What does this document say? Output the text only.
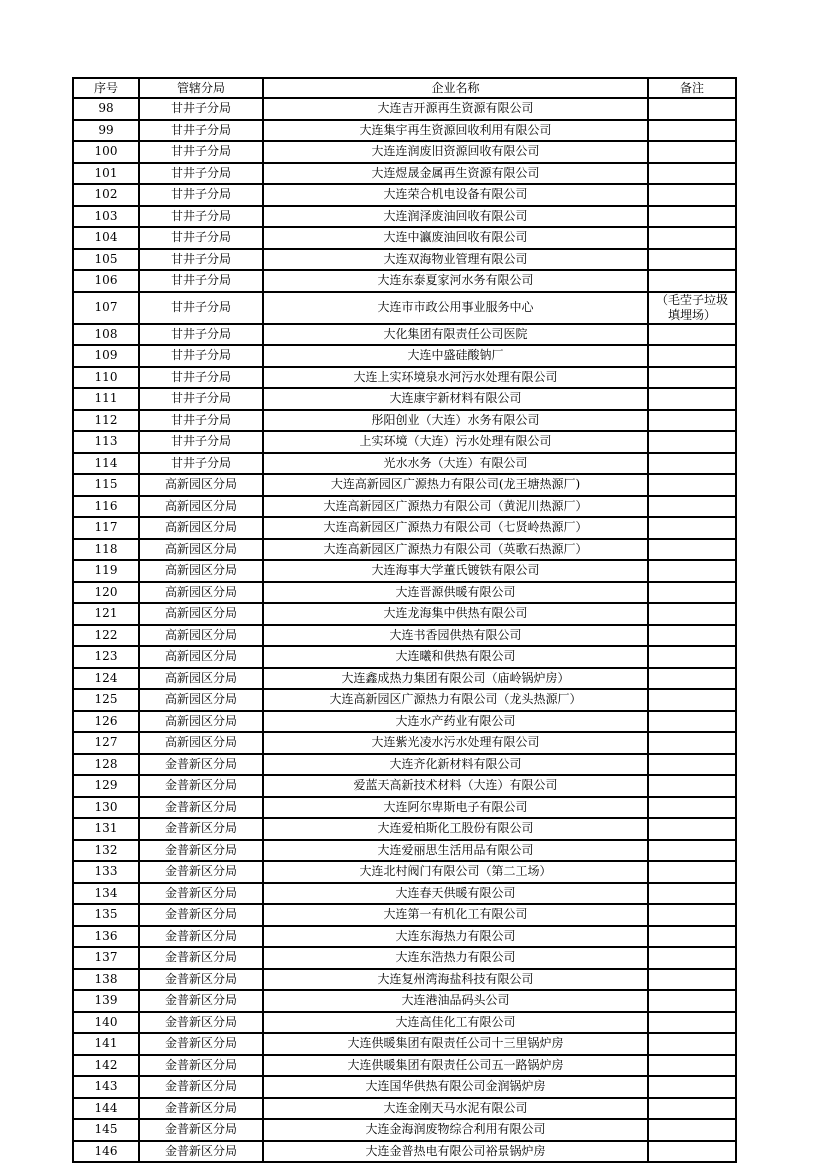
序号	管辖分局	企业名称	备注
98	甘井子分局	大连吉开源再生资源有限公司	
99	甘井子分局	大连集宇再生资源回收利用有限公司	
100	甘井子分局	大连连润废旧资源回收有限公司	
101	甘井子分局	大连煜晟金属再生资源有限公司	
102	甘井子分局	大连荣合机电设备有限公司	
103	甘井子分局	大连润泽废油回收有限公司	
104	甘井子分局	大连中瀛废油回收有限公司	
105	甘井子分局	大连双海物业管理有限公司	
106	甘井子分局	大连东泰夏家河水务有限公司	
107	甘井子分局	大连市市政公用事业服务中心	（毛茔子垃圾填埋场）
108	甘井子分局	大化集团有限责任公司医院	
109	甘井子分局	大连中盛硅酸钠厂	
110	甘井子分局	大连上实环境泉水河污水处理有限公司	
111	甘井子分局	大连康宇新材料有限公司	
112	甘井子分局	彤阳创业（大连）水务有限公司	
113	甘井子分局	上实环境（大连）污水处理有限公司	
114	甘井子分局	光水水务（大连）有限公司	
115	高新园区分局	大连高新园区广源热力有限公司(龙王塘热源厂)	
116	高新园区分局	大连高新园区广源热力有限公司（黄泥川热源厂）	
117	高新园区分局	大连高新园区广源热力有限公司（七贤岭热源厂）	
118	高新园区分局	大连高新园区广源热力有限公司（英歌石热源厂）	
119	高新园区分局	大连海事大学董氏镀铁有限公司	
120	高新园区分局	大连晋源供暖有限公司	
121	高新园区分局	大连龙海集中供热有限公司	
122	高新园区分局	大连书香园供热有限公司	
123	高新园区分局	大连曦和供热有限公司	
124	高新园区分局	大连鑫成热力集团有限公司（庙岭锅炉房）	
125	高新园区分局	大连高新园区广源热力有限公司（龙头热源厂）	
126	高新园区分局	大连水产药业有限公司	
127	高新园区分局	大连紫光凌水污水处理有限公司	
128	金普新区分局	大连齐化新材料有限公司	
129	金普新区分局	爱蓝天高新技术材料（大连）有限公司	
130	金普新区分局	大连阿尔卑斯电子有限公司	
131	金普新区分局	大连爱柏斯化工股份有限公司	
132	金普新区分局	大连爱丽思生活用品有限公司	
133	金普新区分局	大连北村阀门有限公司（第二工场）	
134	金普新区分局	大连春天供暖有限公司	
135	金普新区分局	大连第一有机化工有限公司	
136	金普新区分局	大连东海热力有限公司	
137	金普新区分局	大连东浩热力有限公司	
138	金普新区分局	大连复州湾海盐科技有限公司	
139	金普新区分局	大连港油品码头公司	
140	金普新区分局	大连高佳化工有限公司	
141	金普新区分局	大连供暖集团有限责任公司十三里锅炉房	
142	金普新区分局	大连供暖集团有限责任公司五一路锅炉房	
143	金普新区分局	大连国华供热有限公司金润锅炉房	
144	金普新区分局	大连金刚天马水泥有限公司	
145	金普新区分局	大连金海润废物综合利用有限公司	
146	金普新区分局	大连金普热电有限公司裕景锅炉房	
